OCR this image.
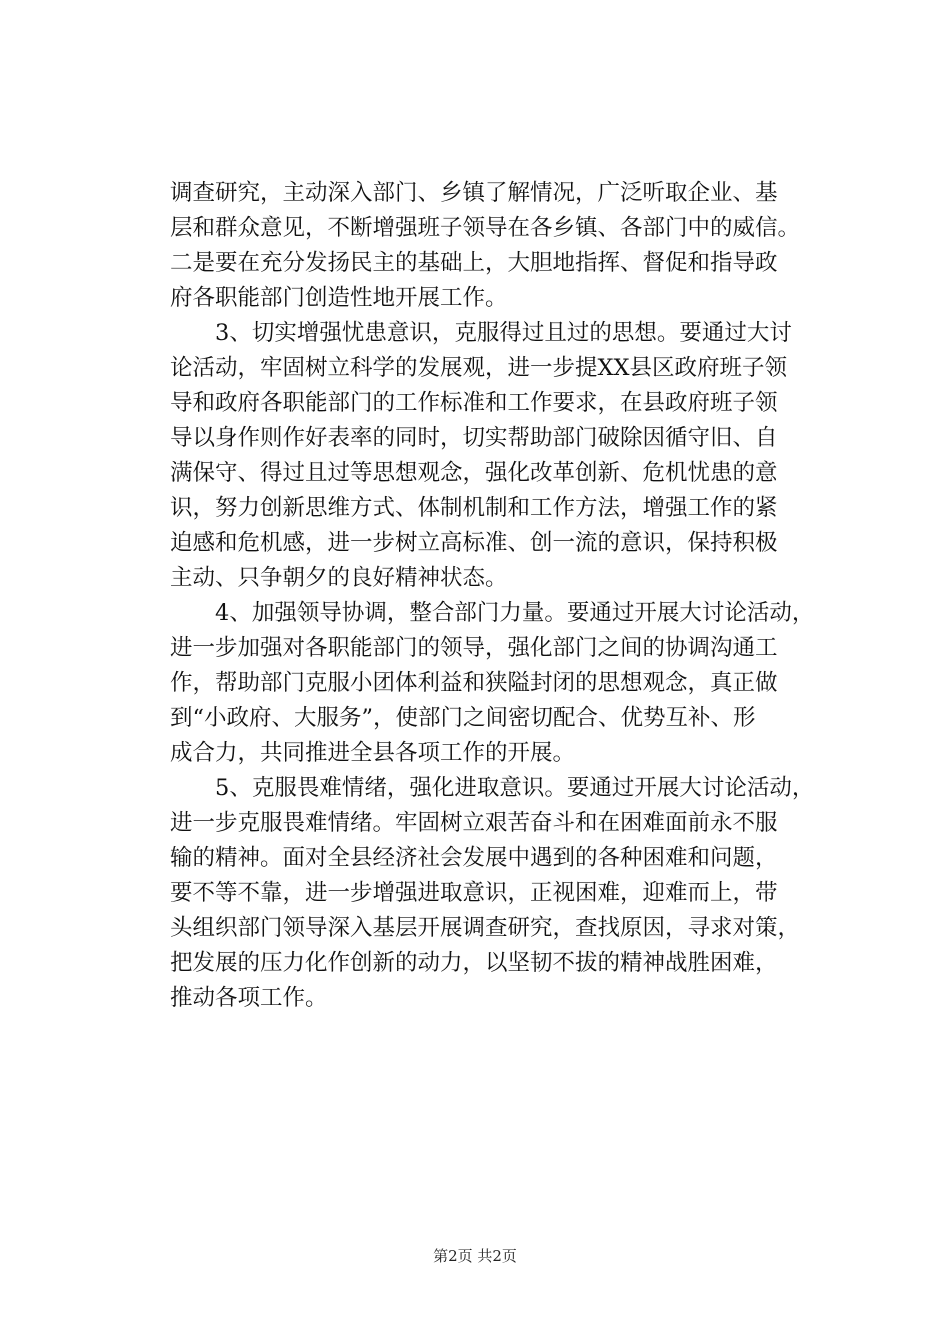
调查研究，主动深入部门、乡镇了解情况，广泛听取企业、基
层和群众意见，不断增强班子领导在各乡镇、各部门中的威信。
二是要在充分发扬民主的基础上，大胆地指挥、督促和指导政
府各职能部门创造性地开展工作。

3、切实增强忧患意识，克服得过且过的思想。要通过大讨
论活动，牢固树立科学的发展观，进一步提XX县区政府班子领
导和政府各职能部门的工作标准和工作要求，在县政府班子领
导以身作则作好表率的同时，切实帮助部门破除因循守旧、自
满保守、得过且过等思想观念，强化改革创新、危机忧患的意
识，努力创新思维方式、体制机制和工作方法，增强工作的紧
迫感和危机感，进一步树立高标准、创一流的意识，保持积极
主动、只争朝夕的良好精神状态。

4、加强领导协调，整合部门力量。要通过开展大讨论活动，
进一步加强对各职能部门的领导，强化部门之间的协调沟通工
作，帮助部门克服小团体利益和狭隘封闭的思想观念，真正做
到“小政府、大服务”，使部门之间密切配合、优势互补、形
成合力，共同推进全县各项工作的开展。

5、克服畏难情绪，强化进取意识。要通过开展大讨论活动，
进一步克服畏难情绪。牢固树立艰苦奋斗和在困难面前永不服
输的精神。面对全县经济社会发展中遇到的各种困难和问题，
要不等不靠，进一步增强进取意识，正视困难，迎难而上，带
头组织部门领导深入基层开展调查研究，查找原因，寻求对策，
把发展的压力化作创新的动力，以坚韧不拔的精神战胜困难，
推动各项工作。

第2页 共2页
